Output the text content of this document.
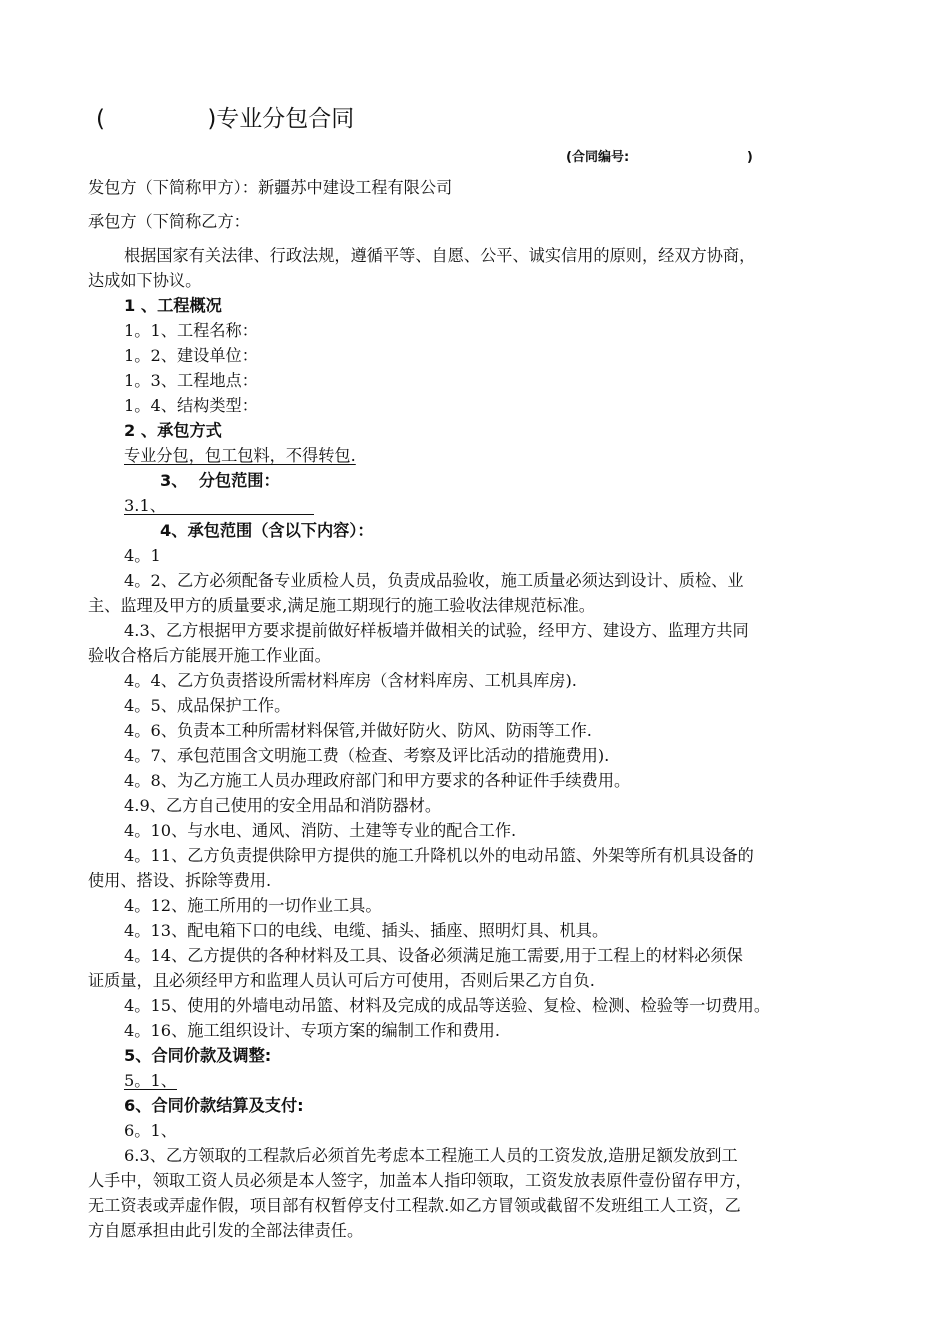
(              )专业分包合同
(合同编号:                          )
发包方（下简称甲方）：新疆苏中建设工程有限公司
承包方（下简称乙方：
根据国家有关法律、行政法规，遵循平等、自愿、公平、诚实信用的原则，经双方协商，
达成如下协议。
1 、工程概况
1。1、工程名称：
1。2、建设单位：
1。3、工程地点：
1。4、结构类型：
2 、承包方式
专业分包，包工包料，不得转包.
3、  分包范围：
3.1、
4、承包范围（含以下内容）：
4。1
4。2、乙方必须配备专业质检人员，负责成品验收，施工质量必须达到设计、质检、业
主、监理及甲方的质量要求,满足施工期现行的施工验收法律规范标准。
4.3、乙方根据甲方要求提前做好样板墙并做相关的试验，经甲方、建设方、监理方共同
验收合格后方能展开施工作业面。
4。4、乙方负责搭设所需材料库房（含材料库房、工机具库房).
4。5、成品保护工作。
4。6、负责本工种所需材料保管,并做好防火、防风、防雨等工作.
4。7、承包范围含文明施工费（检查、考察及评比活动的措施费用).
4。8、为乙方施工人员办理政府部门和甲方要求的各种证件手续费用。
4.9、乙方自己使用的安全用品和消防器材。
4。10、与水电、通风、消防、土建等专业的配合工作.
4。11、乙方负责提供除甲方提供的施工升降机以外的电动吊篮、外架等所有机具设备的
使用、搭设、拆除等费用.
4。12、施工所用的一切作业工具。
4。13、配电箱下口的电线、电缆、插头、插座、照明灯具、机具。
4。14、乙方提供的各种材料及工具、设备必须满足施工需要,用于工程上的材料必须保
证质量，且必须经甲方和监理人员认可后方可使用，否则后果乙方自负.
4。15、使用的外墙电动吊篮、材料及完成的成品等送验、复检、检测、检验等一切费用。
4。16、施工组织设计、专项方案的编制工作和费用.
5、合同价款及调整:
5。1、
6、合同价款结算及支付:
6。1、
6.3、乙方领取的工程款后必须首先考虑本工程施工人员的工资发放,造册足额发放到工
人手中，领取工资人员必须是本人签字，加盖本人指印领取，工资发放表原件壹份留存甲方，
无工资表或弄虚作假，项目部有权暂停支付工程款.如乙方冒领或截留不发班组工人工资，乙
方自愿承担由此引发的全部法律责任。
